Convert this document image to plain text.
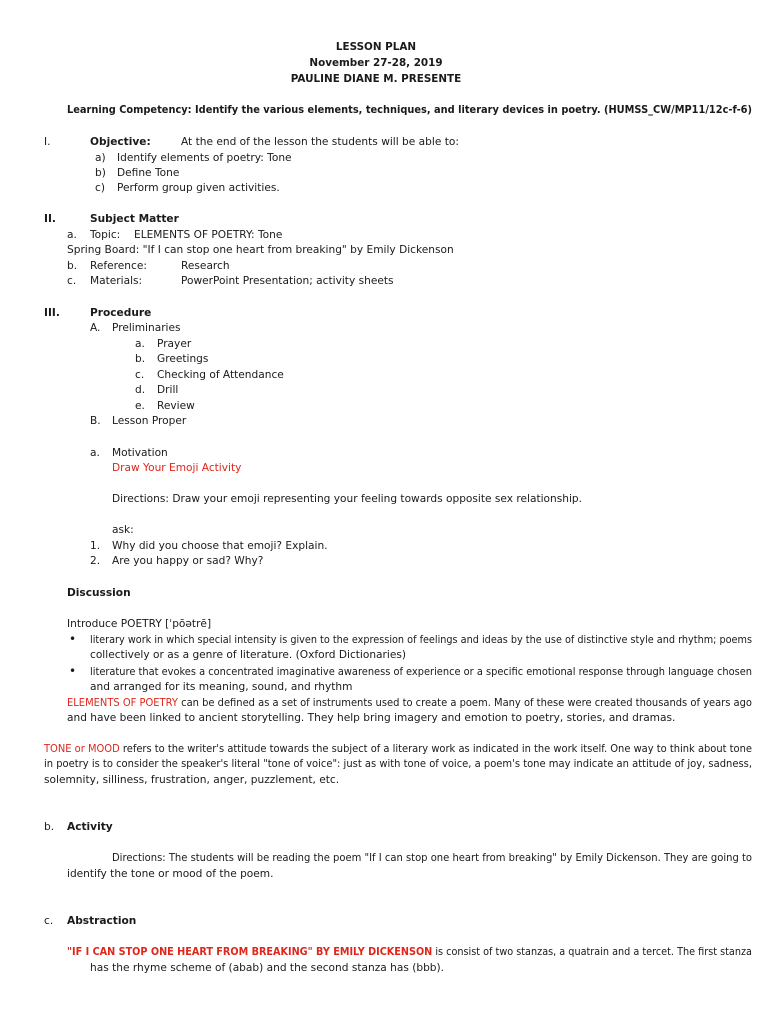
LESSON PLAN
November 27-28, 2019
PAULINE DIANE M. PRESENTE
Learning Competency: Identify the various elements, techniques, and literary devices in poetry. (HUMSS_CW/MP11/12c-f-6)
I.	Objective:	At the end of the lesson the students will be able to:
a) Identify elements of poetry: Tone
b) Define Tone
c) Perform group given activities.
II.	Subject Matter
a. Topic: ELEMENTS OF POETRY: Tone
Spring Board: "If I can stop one heart from breaking" by Emily Dickenson
b. Reference:	Research
c. Materials:	PowerPoint Presentation; activity sheets
III.	Procedure
A. Preliminaries
a. Prayer
b. Greetings
c. Checking of Attendance
d. Drill
e. Review
B. Lesson Proper
a. Motivation
Draw Your Emoji Activity
Directions: Draw your emoji representing your feeling towards opposite sex relationship.
ask:
1. Why did you choose that emoji? Explain.
2. Are you happy or sad? Why?
Discussion
Introduce POETRY [ˈpōətrē]
• literary work in which special intensity is given to the expression of feelings and ideas by the use of distinctive style and rhythm; poems
collectively or as a genre of literature. (Oxford Dictionaries)
• literature that evokes a concentrated imaginative awareness of experience or a specific emotional response through language chosen
and arranged for its meaning, sound, and rhythm
ELEMENTS OF POETRY can be defined as a set of instruments used to create a poem. Many of these were created thousands of years ago
and have been linked to ancient storytelling. They help bring imagery and emotion to poetry, stories, and dramas.
TONE or MOOD refers to the writer's attitude towards the subject of a literary work as indicated in the work itself. One way to think about tone
in poetry is to consider the speaker's literal "tone of voice": just as with tone of voice, a poem's tone may indicate an attitude of joy, sadness,
solemnity, silliness, frustration, anger, puzzlement, etc.
b. Activity
Directions: The students will be reading the poem "If I can stop one heart from breaking" by Emily Dickenson. They are going to
identify the tone or mood of the poem.
c. Abstraction
"IF I CAN STOP ONE HEART FROM BREAKING" BY EMILY DICKENSON is consist of two stanzas, a quatrain and a tercet. The first stanza
has the rhyme scheme of (abab) and the second stanza has (bbb).
